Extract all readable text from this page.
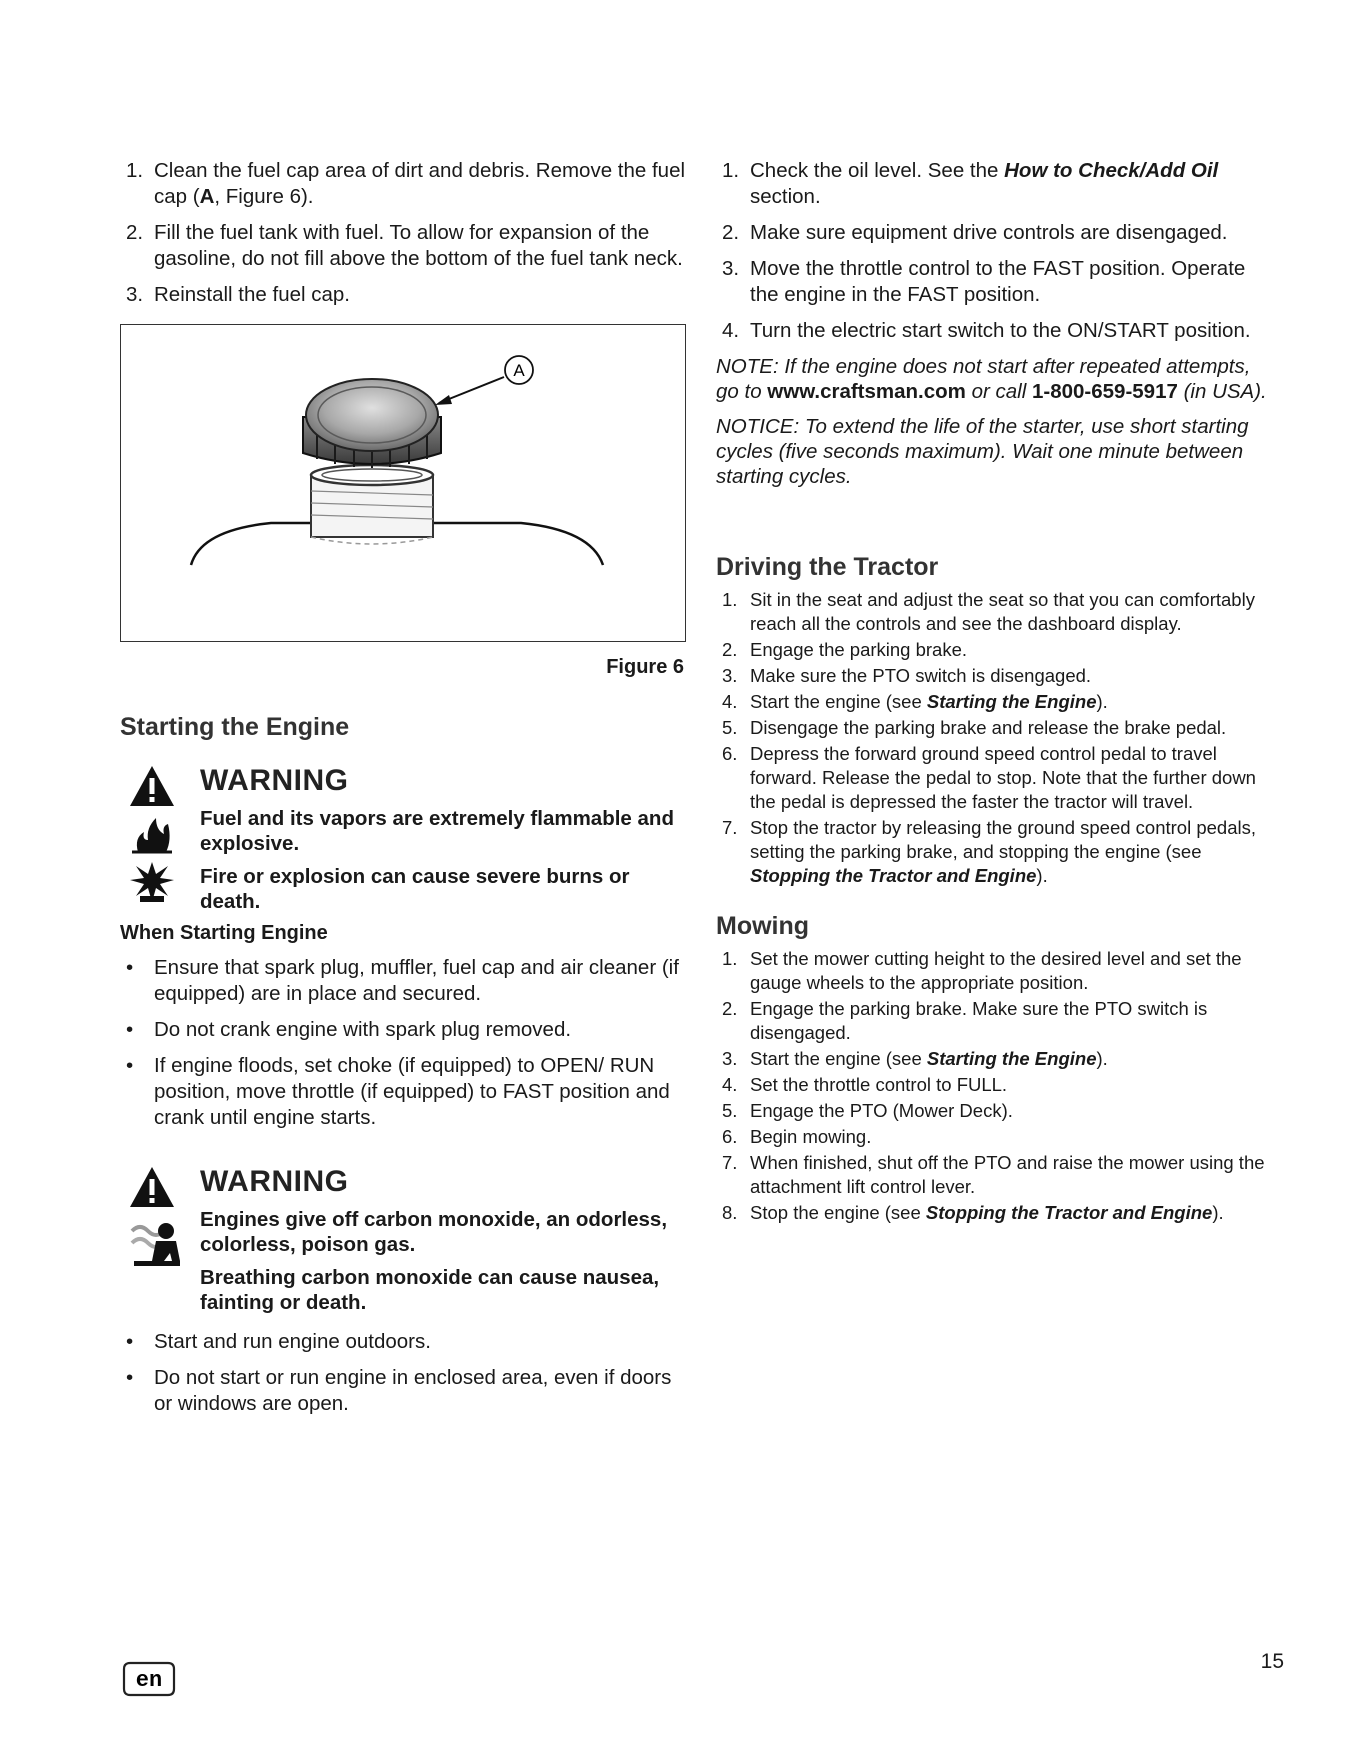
1. Clean the fuel cap area of dirt and debris. Remove the fuel cap (A, Figure 6).
2. Fill the fuel tank with fuel. To allow for expansion of the gasoline, do not fill above the bottom of the fuel tank neck.
3. Reinstall the fuel cap.
A
Figure 6
Starting the Engine
WARNING

Fuel and its vapors are extremely flammable and explosive.

Fire or explosion can cause severe burns or death.

When Starting Engine
• Ensure that spark plug, muffler, fuel cap and air cleaner (if equipped) are in place and secured.
• Do not crank engine with spark plug removed.
• If engine floods, set choke (if equipped) to OPEN/ RUN position, move throttle (if equipped) to FAST position and crank until engine starts.
WARNING

Engines give off carbon monoxide, an odorless, colorless, poison gas.

Breathing carbon monoxide can cause nausea, fainting or death.

• Start and run engine outdoors.
• Do not start or run engine in enclosed area, even if doors or windows are open.
1. Check the oil level. See the How to Check/Add Oil section.
2. Make sure equipment drive controls are disengaged.
3. Move the throttle control to the FAST position. Operate the engine in the FAST position.
4. Turn the electric start switch to the ON/START position.

NOTE: If the engine does not start after repeated attempts, go to www.craftsman.com or call 1-800-659-5917 (in USA).

NOTICE: To extend the life of the starter, use short starting cycles (five seconds maximum). Wait one minute between starting cycles.

Driving the Tractor
1. Sit in the seat and adjust the seat so that you can comfortably reach all the controls and see the dashboard display.
2. Engage the parking brake.
3. Make sure the PTO switch is disengaged.
4. Start the engine (see Starting the Engine).
5. Disengage the parking brake and release the brake pedal.
6. Depress the forward ground speed control pedal to travel forward. Release the pedal to stop. Note that the further down the pedal is depressed the faster the tractor will travel.
7. Stop the tractor by releasing the ground speed control pedals, setting the parking brake, and stopping the engine (see Stopping the Tractor and Engine).
Mowing
1. Set the mower cutting height to the desired level and set the gauge wheels to the appropriate position.
2. Engage the parking brake. Make sure the PTO switch is disengaged.
3. Start the engine (see Starting the Engine).
4. Set the throttle control to FULL.
5. Engage the PTO (Mower Deck).
6. Begin mowing.
7. When finished, shut off the PTO and raise the mower using the attachment lift control lever.
8. Stop the engine (see Stopping the Tractor and Engine).
en
15
